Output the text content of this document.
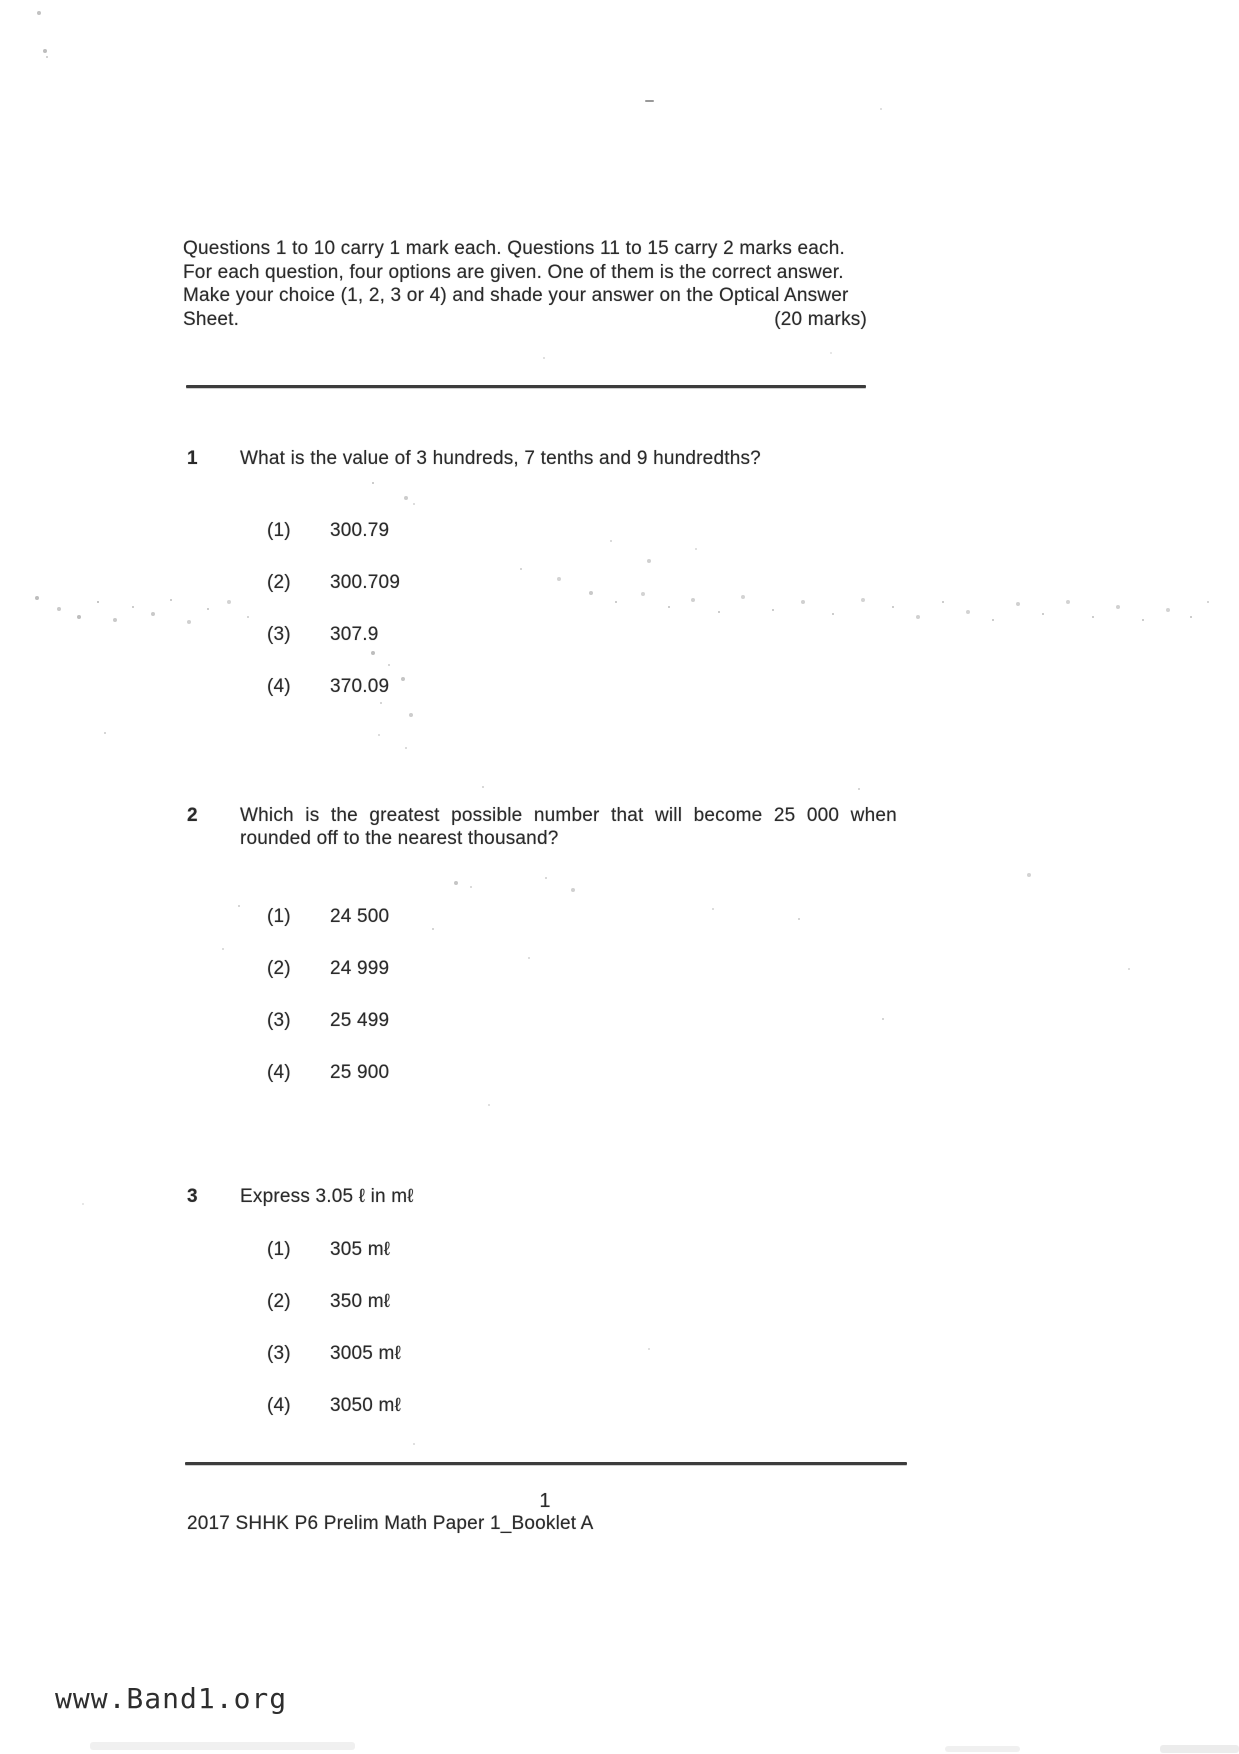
Questions 1 to 10 carry 1 mark each. Questions 11 to 15 carry 2 marks each.
For each question, four options are given. One of them is the correct answer.
Make your choice (1, 2, 3 or 4) and shade your answer on the Optical Answer
Sheet.	(20 marks)
1 What is the value of 3 hundreds, 7 tenths and 9 hundredths?
(1) 300.79
(2) 300.709
(3) 307.9
(4) 370.09
2 Which is the greatest possible number that will become 25 000 when
rounded off to the nearest thousand?
(1) 24 500
(2) 24 999
(3) 25 499
(4) 25 900
3 Express 3.05 ℓ in mℓ
(1) 305 mℓ
(2) 350 mℓ
(3) 3005 mℓ
(4) 3050 mℓ
1
2017 SHHK P6 Prelim Math Paper 1_Booklet A
www.Band1.org
